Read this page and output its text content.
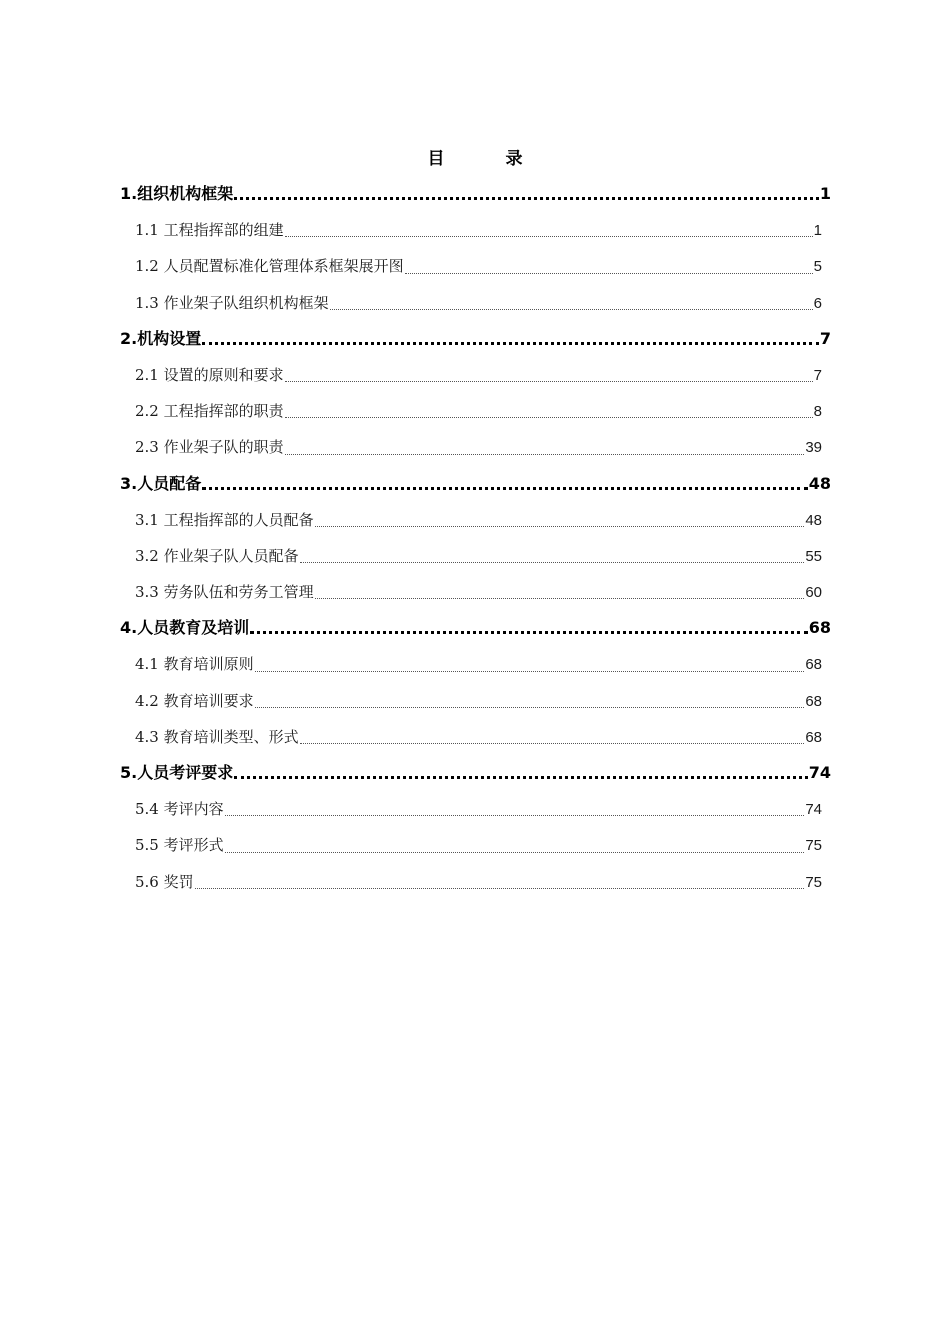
目　录
1.组织机构框架	1
1.1 工程指挥部的组建	1
1.2 人员配置标准化管理体系框架展开图	5
1.3 作业架子队组织机构框架	6
2.机构设置	7
2.1 设置的原则和要求	7
2.2 工程指挥部的职责	8
2.3 作业架子队的职责	39
3.人员配备	48
3.1 工程指挥部的人员配备	48
3.2 作业架子队人员配备	55
3.3 劳务队伍和劳务工管理	60
4.人员教育及培训	68
4.1 教育培训原则	68
4.2 教育培训要求	68
4.3 教育培训类型、形式	68
5.人员考评要求	74
5.4 考评内容	74
5.5 考评形式	75
5.6 奖罚	75
